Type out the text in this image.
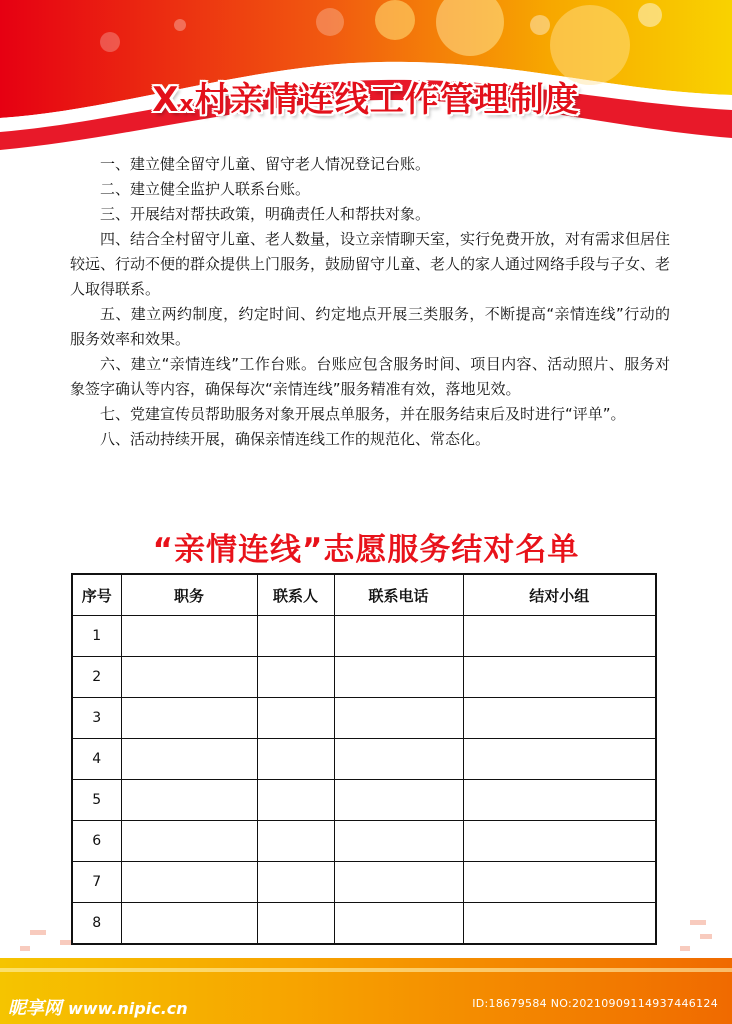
Xx村亲情连线工作管理制度

一、建立健全留守儿童、留守老人情况登记台账。

二、建立健全监护人联系台账。

三、开展结对帮扶政策，明确责任人和帮扶对象。

四、结合全村留守儿童、老人数量，设立亲情聊天室，实行免费开放，对有需求但居住较远、行动不便的群众提供上门服务，鼓励留守儿童、老人的家人通过网络手段与子女、老人取得联系。

五、建立两约制度，约定时间、约定地点开展三类服务，不断提高“亲情连线”行动的服务效率和效果。

六、建立“亲情连线”工作台账。台账应包含服务时间、项目内容、活动照片、服务对象签字确认等内容，确保每次“亲情连线”服务精准有效，落地见效。

七、党建宣传员帮助服务对象开展点单服务，并在服务结束后及时进行“评单”。

八、活动持续开展，确保亲情连线工作的规范化、常态化。

“亲情连线”志愿服务结对名单
序号	职务	联系人	联系电话	结对小组
1				
2				
3				
4				
5				
6				
7				
8				
昵享网 www.nipic.cn	ID:18679584 NO:20210909114937446124
